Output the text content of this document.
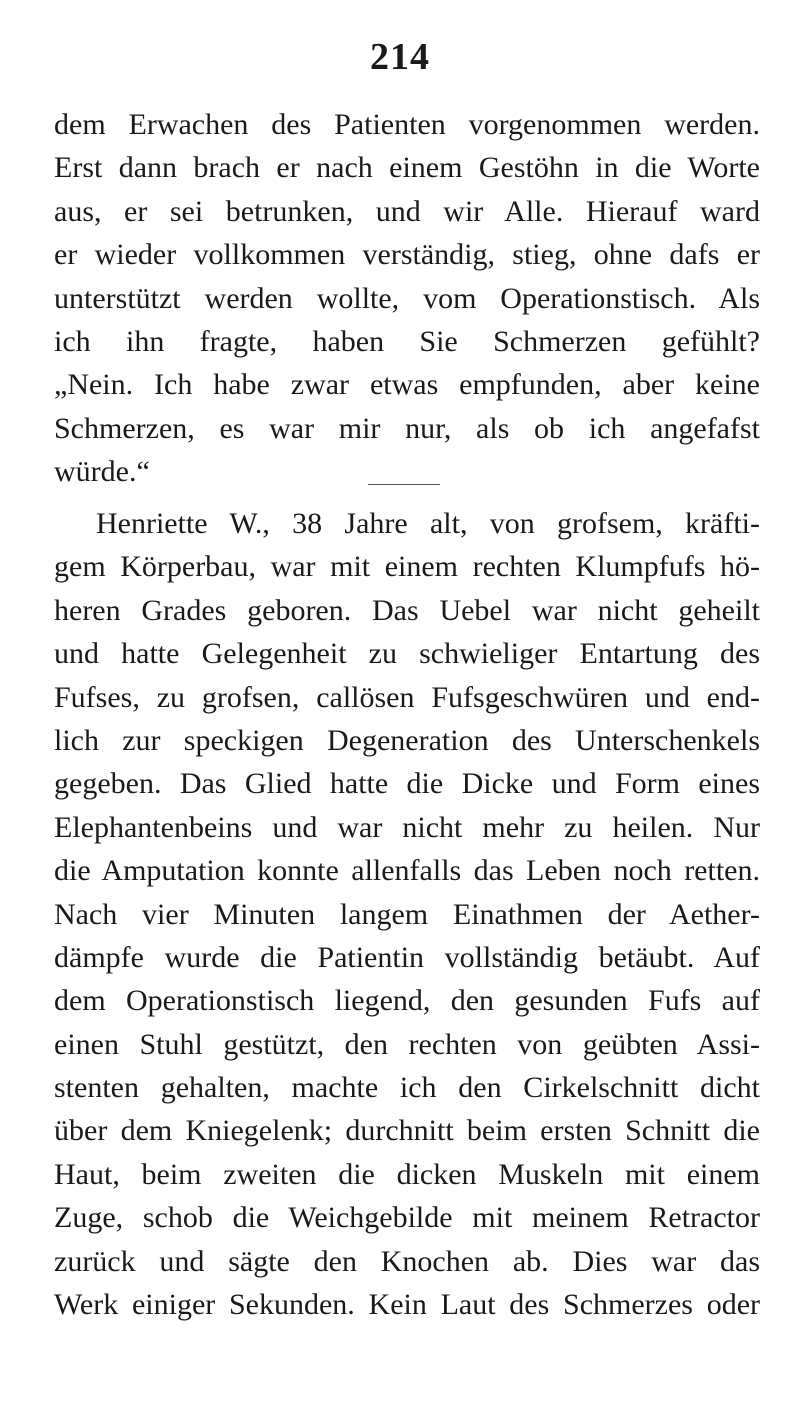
214
dem Erwachen des Patienten vorgenommen werden.
Erst dann brach er nach einem Gestöhn in die Worte
aus, er sei betrunken, und wir Alle. Hierauf ward
er wieder vollkommen verständig, stieg, ohne dafs er
unterstützt werden wollte, vom Operationstisch. Als
ich ihn fragte, haben Sie Schmerzen gefühlt?
„Nein. Ich habe zwar etwas empfunden, aber keine
Schmerzen, es war mir nur, als ob ich angefafst
würde.“
Henriette W., 38 Jahre alt, von grofsem, kräfti-
gem Körperbau, war mit einem rechten Klumpfufs hö-
heren Grades geboren. Das Uebel war nicht geheilt
und hatte Gelegenheit zu schwieliger Entartung des
Fufses, zu grofsen, callösen Fufsgeschwüren und end-
lich zur speckigen Degeneration des Unterschenkels
gegeben. Das Glied hatte die Dicke und Form eines
Elephantenbeins und war nicht mehr zu heilen. Nur
die Amputation konnte allenfalls das Leben noch retten.
Nach vier Minuten langem Einathmen der Aether-
dämpfe wurde die Patientin vollständig betäubt. Auf
dem Operationstisch liegend, den gesunden Fufs auf
einen Stuhl gestützt, den rechten von geübten Assi-
stenten gehalten, machte ich den Cirkelschnitt dicht
über dem Kniegelenk; durchnitt beim ersten Schnitt die
Haut, beim zweiten die dicken Muskeln mit einem
Zuge, schob die Weichgebilde mit meinem Retractor
zurück und sägte den Knochen ab. Dies war das
Werk einiger Sekunden. Kein Laut des Schmerzes oder
